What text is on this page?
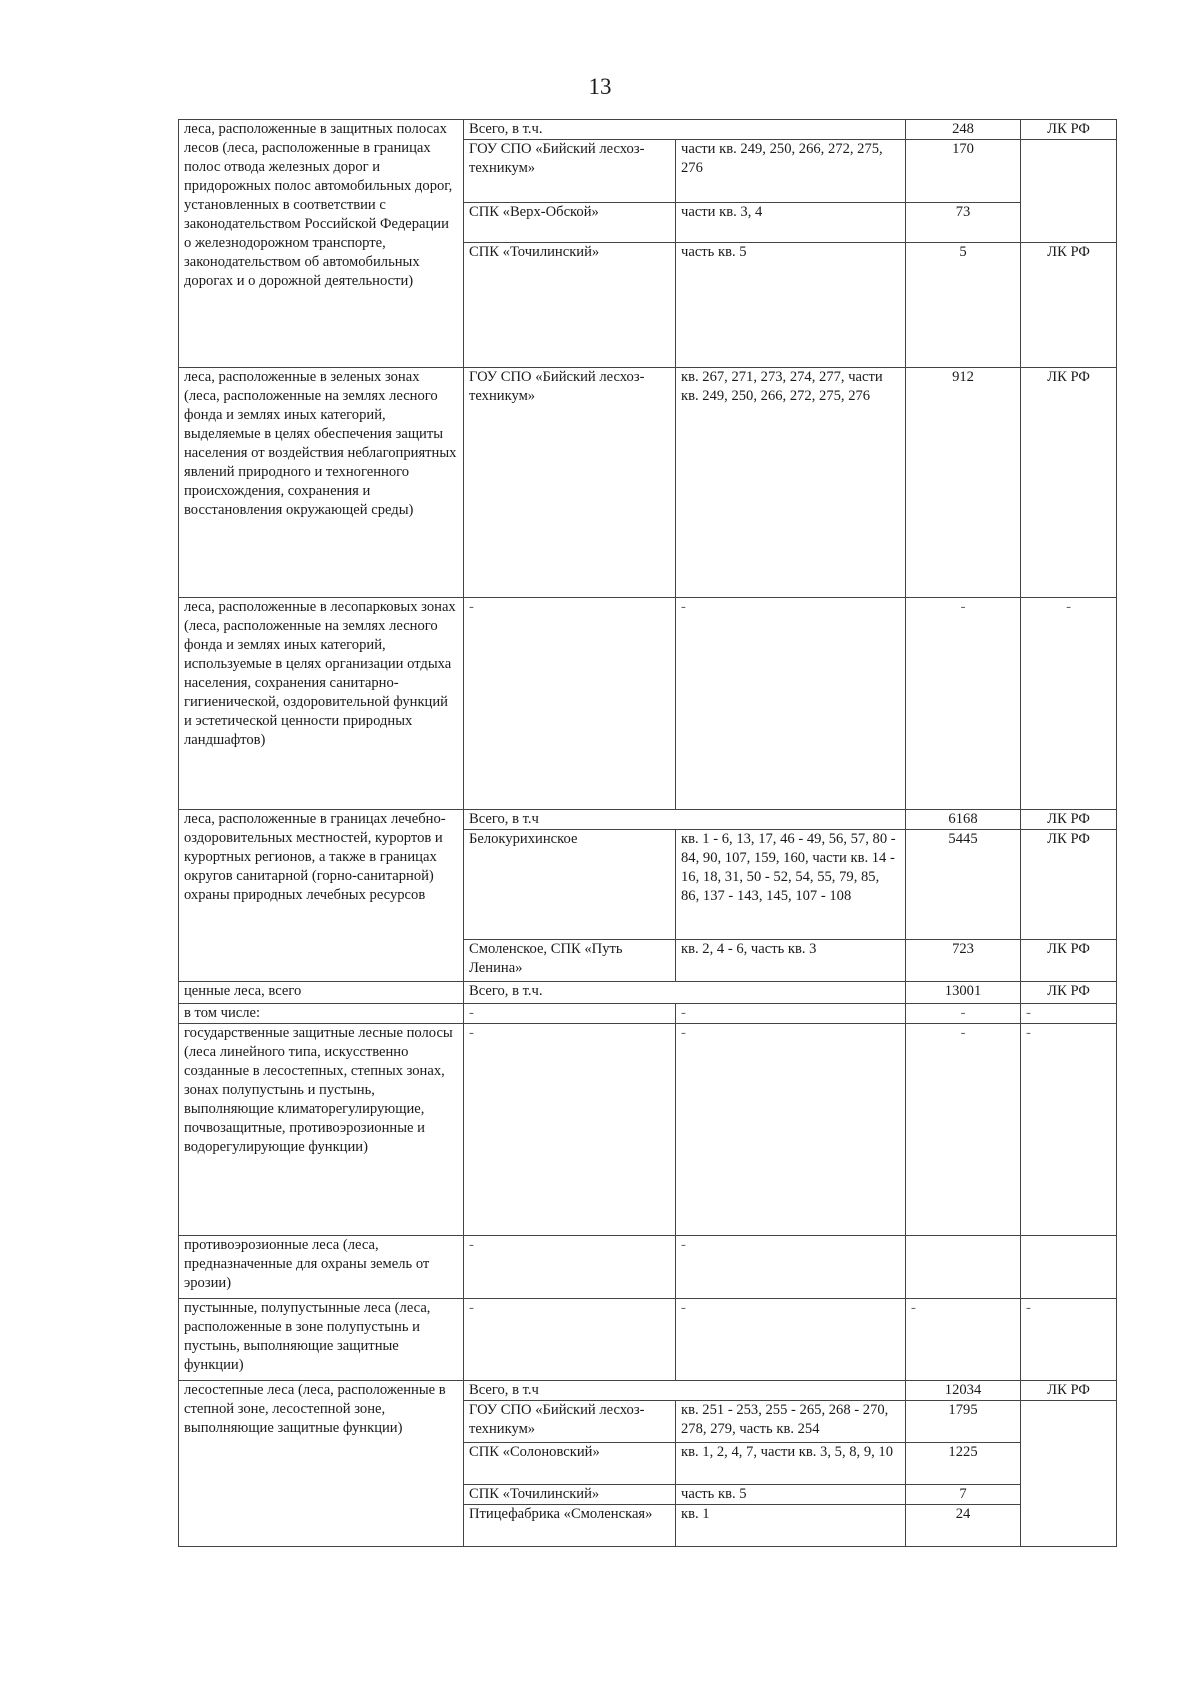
13
леса, расположенные в защитных полосах лесов (леса, расположенные в границах полос отвода железных дорог и придорожных полос автомобильных дорог, установленных в соответствии с законодательством Российской Федерации о железнодорожном транспорте, законодательством об автомобильных дорогах и о дорожной деятельности)	Всего, в т.ч.		248	ЛК РФ
	ГОУ СПО «Бийский лесхоз-техникум»	части кв. 249, 250, 266, 272, 275, 276	170	
	СПК «Верх-Обской»	части кв. 3, 4	73	
	СПК «Точилинский»	часть кв. 5	5	ЛК РФ
леса, расположенные в зеленых зонах (леса, расположенные на землях лесного фонда и землях иных категорий, выделяемые в целях обеспечения защиты населения от воздействия неблагоприятных явлений природного и техногенного происхождения, сохранения и восстановления окружающей среды)	ГОУ СПО «Бийский лесхоз-техникум»	кв. 267, 271, 273, 274, 277, части кв. 249, 250, 266, 272, 275, 276	912	ЛК РФ
леса, расположенные в лесопарковых зонах (леса, расположенные на землях лесного фонда и землях иных категорий, используемые в целях организации отдыха населения, сохранения санитарно-гигиенической, оздоровительной функций и эстетической ценности природных ландшафтов)	-	-	-	-
леса, расположенные в границах лечебно-оздоровительных местностей, курортов и курортных регионов, а также в границах округов санитарной (горно-санитарной) охраны природных лечебных ресурсов	Всего, в т.ч		6168	ЛК РФ
	Белокурихинское	кв. 1 - 6, 13, 17, 46 - 49, 56, 57, 80 - 84, 90, 107, 159, 160, части кв. 14 - 16, 18, 31, 50 - 52, 54, 55, 79, 85, 86, 137 - 143, 145, 107 - 108	5445	ЛК РФ
	Смоленское, СПК «Путь Ленина»	кв. 2, 4 - 6, часть кв. 3	723	ЛК РФ
ценные леса, всего	Всего, в т.ч.		13001	ЛК РФ
в том числе:	-	-	-	-
государственные защитные лесные полосы (леса линейного типа, искусственно созданные в лесостепных, степных зонах, зонах полупустынь и пустынь, выполняющие климаторегулирующие, почвозащитные, противоэрозионные и водорегулирующие функции)	-	-	-	-
противоэрозионные леса (леса, предназначенные для охраны земель от эрозии)	-	-		
пустынные, полупустынные леса (леса, расположенные в зоне полупустынь и пустынь, выполняющие защитные функции)	-	-	-	-
лесостепные леса (леса, расположенные в степной зоне, лесостепной зоне, выполняющие защитные функции)	Всего, в т.ч		12034	ЛК РФ
	ГОУ СПО «Бийский лесхоз-техникум»	кв. 251 - 253, 255 - 265, 268 - 270, 278, 279, часть кв. 254	1795	
	СПК «Солоновский»	кв. 1, 2, 4, 7, части кв. 3, 5, 8, 9, 10	1225	
	СПК «Точилинский»	часть кв. 5	7	
	Птицефабрика «Смоленская»	кв. 1	24	
